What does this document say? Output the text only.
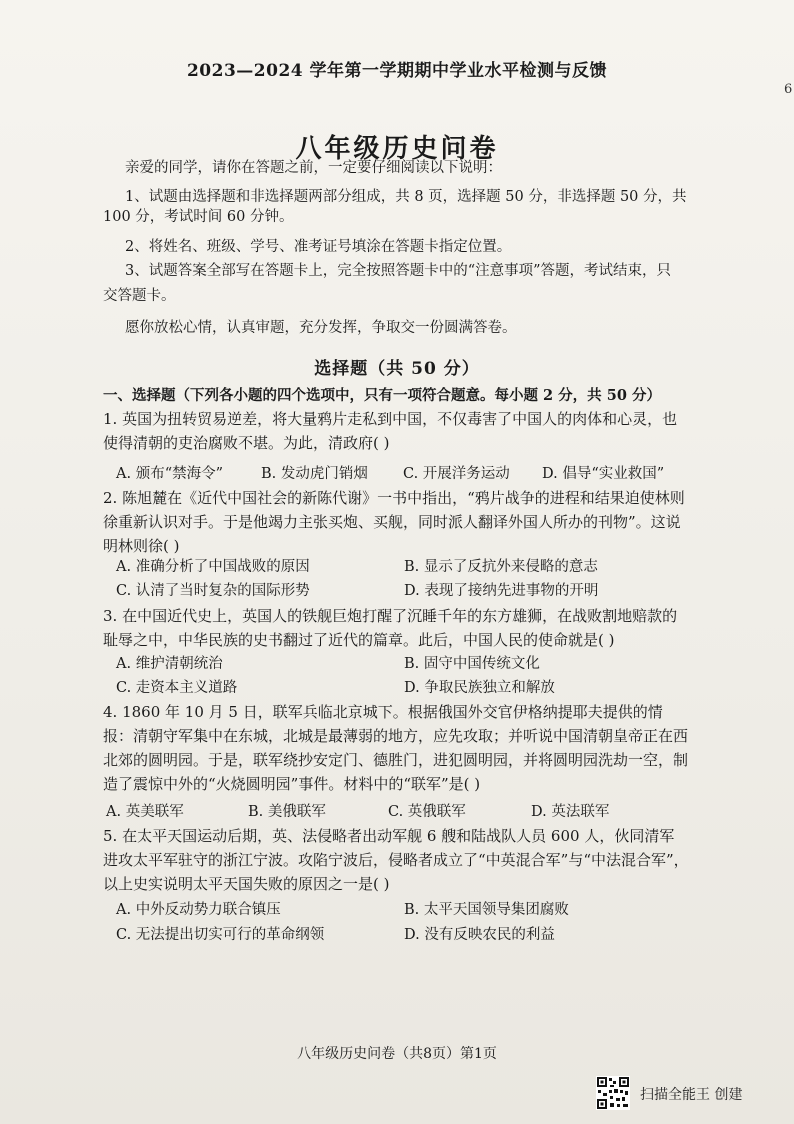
2023—2024 学年第一学期期中学业水平检测与反馈
6
八年级历史问卷
亲爱的同学，请你在答题之前，一定要仔细阅读以下说明：
1、试题由选择题和非选择题两部分组成，共 8 页，选择题 50 分，非选择题 50 分，共 100 分，考试时间 60 分钟。
2、将姓名、班级、学号、准考证号填涂在答题卡指定位置。
3、试题答案全部写在答题卡上，完全按照答题卡中的“注意事项”答题，考试结束，只
交答题卡。
愿你放松心情，认真审题，充分发挥，争取交一份圆满答卷。
选择题（共 50 分）
一、选择题（下列各小题的四个选项中，只有一项符合题意。每小题 2 分，共 50 分）
1. 英国为扭转贸易逆差，将大量鸦片走私到中国，不仅毒害了中国人的肉体和心灵，也使得清朝的吏治腐败不堪。为此，清政府( )
A. 颁布“禁海令”	B. 发动虎门销烟 C. 开展洋务运动 D. 倡导“实业救国”
2. 陈旭麓在《近代中国社会的新陈代谢》一书中指出，“鸦片战争的进程和结果迫使林则徐重新认识对手。于是他竭力主张买炮、买舰，同时派人翻译外国人所办的刊物”。这说明林则徐( )
A. 准确分析了中国战败的原因	B. 显示了反抗外来侵略的意志
C. 认清了当时复杂的国际形势	D. 表现了接纳先进事物的开明
3. 在中国近代史上，英国人的铁舰巨炮打醒了沉睡千年的东方雄狮，在战败割地赔款的耻辱之中，中华民族的史书翻过了近代的篇章。此后，中国人民的使命就是( )
A. 维护清朝统治	B. 固守中国传统文化
C. 走资本主义道路	D. 争取民族独立和解放
4. 1860 年 10 月 5 日，联军兵临北京城下。根据俄国外交官伊格纳提耶夫提供的情报：清朝守军集中在东城，北城是最薄弱的地方，应先攻取；并听说中国清朝皇帝正在西北郊的圆明园。于是，联军绕抄安定门、德胜门，进犯圆明园，并将圆明园洗劫一空，制造了震惊中外的“火烧圆明园”事件。材料中的“联军”是( )
A. 英美联军	B. 美俄联军	C. 英俄联军	D. 英法联军
5. 在太平天国运动后期，英、法侵略者出动军舰 6 艘和陆战队人员 600 人，伙同清军进攻太平军驻守的浙江宁波。攻陷宁波后，侵略者成立了“中英混合军”与“中法混合军”，以上史实说明太平天国失败的原因之一是( )
A. 中外反动势力联合镇压	B. 太平天国领导集团腐败
C. 无法提出切实可行的革命纲领	D. 没有反映农民的利益
八年级历史问卷（共8页）第1页
扫描全能王 创建
